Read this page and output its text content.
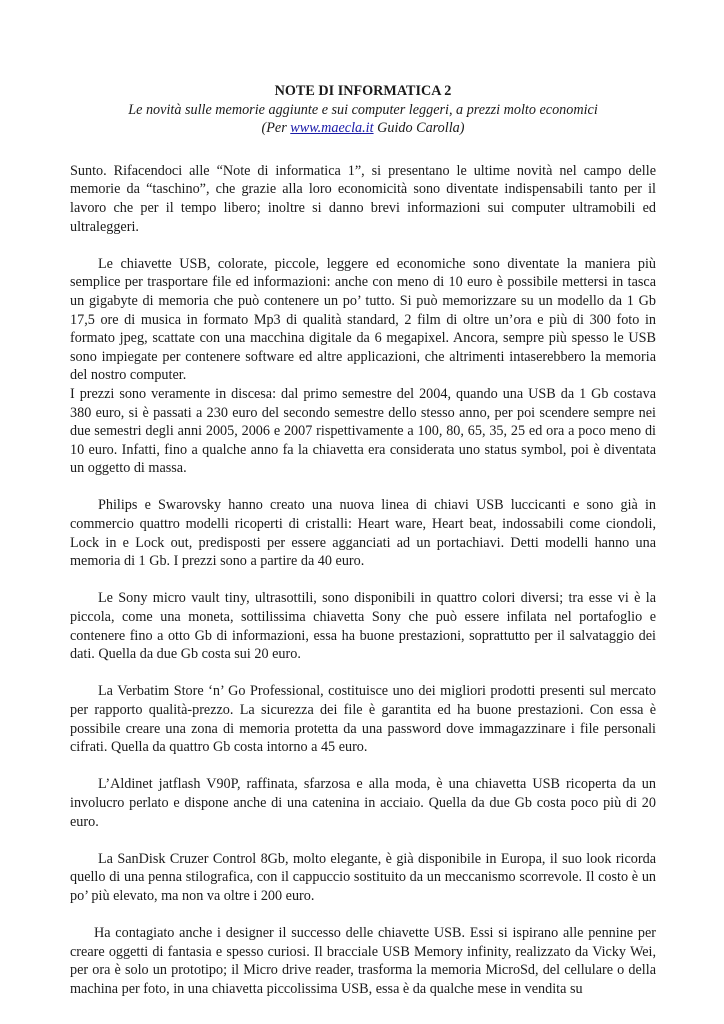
NOTE DI INFORMATICA 2
Le novità sulle memorie aggiunte e sui computer leggeri, a prezzi molto economici
(Per www.maecla.it Guido Carolla)

Sunto. Rifacendoci alle “Note di informatica 1”, si presentano le ultime novità nel campo delle memorie da “taschino”, che grazie alla loro economicità sono diventate indispensabili tanto per il lavoro che per il tempo libero; inoltre si danno brevi informazioni sui computer ultramobili ed ultraleggeri.

Le chiavette USB, colorate, piccole, leggere ed economiche sono diventate la maniera più semplice per trasportare file ed informazioni: anche con meno di 10 euro è possibile mettersi in tasca un gigabyte di memoria che può contenere un po’ tutto. Si può memorizzare su un modello da 1 Gb 17,5 ore di musica in formato Mp3 di qualità standard, 2 film di oltre un’ora e più di 300 foto in formato jpeg, scattate con una macchina digitale da 6 megapixel. Ancora, sempre più spesso le USB sono impiegate per contenere software ed altre applicazioni, che altrimenti intaserebbero la memoria del nostro computer.

I prezzi sono veramente in discesa: dal primo semestre del 2004, quando una USB da 1 Gb costava 380 euro, si è passati a 230 euro del secondo semestre dello stesso anno, per poi scendere sempre nei due semestri degli anni 2005, 2006 e 2007 rispettivamente a 100, 80, 65, 35, 25 ed ora a poco meno di 10 euro. Infatti, fino a qualche anno fa la chiavetta era considerata uno status symbol, poi è diventata un oggetto di massa.

Philips e Swarovsky hanno creato una nuova linea di chiavi USB luccicanti e sono già in commercio quattro modelli ricoperti di cristalli: Heart ware, Heart beat, indossabili come ciondoli, Lock in e Lock out, predisposti per essere agganciati ad un portachiavi. Detti modelli hanno una memoria di 1 Gb. I prezzi sono a partire da 40 euro.

Le Sony micro vault tiny, ultrasottili, sono disponibili in quattro colori diversi; tra esse vi è la piccola, come una moneta, sottilissima chiavetta Sony che può essere infilata nel portafoglio e contenere fino a otto Gb di informazioni, essa ha buone prestazioni, soprattutto per il salvataggio dei dati. Quella da due Gb costa sui 20 euro.

La Verbatim Store ‘n’ Go Professional, costituisce uno dei migliori prodotti presenti sul mercato per rapporto qualità-prezzo. La sicurezza dei file è garantita ed ha buone prestazioni. Con essa è possibile creare una zona di memoria protetta da una password dove immagazzinare i file personali cifrati. Quella da quattro Gb costa intorno a 45 euro.

L’Aldinet jatflash V90P, raffinata, sfarzosa e alla moda, è una chiavetta USB ricoperta da un involucro perlato e dispone anche di una catenina in acciaio. Quella da due Gb costa poco più di 20 euro.

La SanDisk Cruzer Control 8Gb, molto elegante, è già disponibile in Europa, il suo look ricorda quello di una penna stilografica, con il cappuccio sostituito da un meccanismo scorrevole. Il costo è un po’ più elevato, ma non va oltre i 200 euro.

Ha contagiato anche i designer il successo delle chiavette USB. Essi si ispirano alle pennine per creare oggetti di fantasia e spesso curiosi. Il bracciale USB Memory infinity, realizzato da Vicky Wei, per ora è solo un prototipo; il Micro drive reader, trasforma la memoria MicroSd, del cellulare o della machina per foto, in una chiavetta piccolissima USB, essa è da qualche mese in vendita su
